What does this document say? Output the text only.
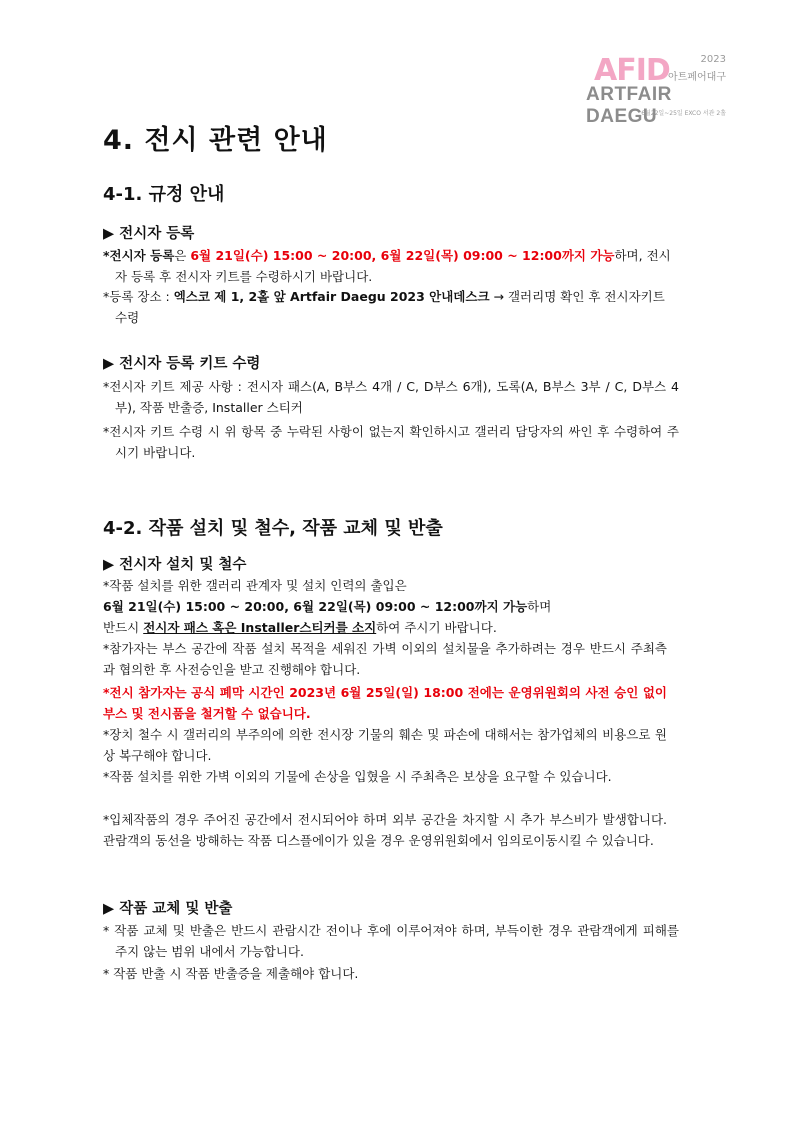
AFID	2023
아트페어대구
ARTFAIR DAEGU
6월22일~25일 EXCO 서관 2홀
4. 전시 관련 안내
4-1. 규정 안내
▶ 전시자 등록

*전시자 등록은 6월 21일(수) 15:00 ~ 20:00, 6월 22일(목) 09:00 ~ 12:00까지 가능하며, 전시자 등록 후 전시자 키트를 수령하시기 바랍니다.

*등록 장소 : 엑스코 제 1, 2홀 앞 Artfair Daegu 2023 안내데스크 → 갤러리명 확인 후 전시자키트 수령

▶ 전시자 등록 키트 수령

*전시자 키트 제공 사항 : 전시자 패스(A, B부스 4개 / C, D부스 6개), 도록(A, B부스 3부 / C, D부스 4부), 작품 반출증, Installer 스티커

*전시자 키트 수령 시 위 항목 중 누락된 사항이 없는지 확인하시고 갤러리 담당자의 싸인 후 수령하여 주시기 바랍니다.

4-2. 작품 설치 및 철수, 작품 교체 및 반출
▶ 전시자 설치 및 철수

*작품 설치를 위한 갤러리 관계자 및 설치 인력의 출입은

6월 21일(수) 15:00 ~ 20:00, 6월 22일(목) 09:00 ~ 12:00까지 가능하며

반드시 전시자 패스 혹은 Installer스티커를 소지하여 주시기 바랍니다.

*참가자는 부스 공간에 작품 설치 목적을 세워진 가벽 이외의 설치물을 추가하려는 경우 반드시 주최측과 협의한 후 사전승인을 받고 진행해야 합니다.

*전시 참가자는 공식 폐막 시간인 2023년 6월 25일(일) 18:00 전에는 운영위원회의 사전 승인 없이 부스 및 전시품을 철거할 수 없습니다.

*장치 철수 시 갤러리의 부주의에 의한 전시장 기물의 훼손 및 파손에 대해서는 참가업체의 비용으로 원상 복구해야 합니다.

*작품 설치를 위한 가벽 이외의 기물에 손상을 입혔을 시 주최측은 보상을 요구할 수 있습니다.

*입체작품의 경우 주어진 공간에서 전시되어야 하며 외부 공간을 차지할 시 추가 부스비가 발생합니다. 관람객의 동선을 방해하는 작품 디스플에이가 있을 경우 운영위원회에서 임의로이동시킬 수 있습니다.

▶ 작품 교체 및 반출

* 작품 교체 및 반출은 반드시 관람시간 전이나 후에 이루어져야 하며, 부득이한 경우 관람객에게 피해를 주지 않는 범위 내에서 가능합니다.

* 작품 반출 시 작품 반출증을 제출해야 합니다.
